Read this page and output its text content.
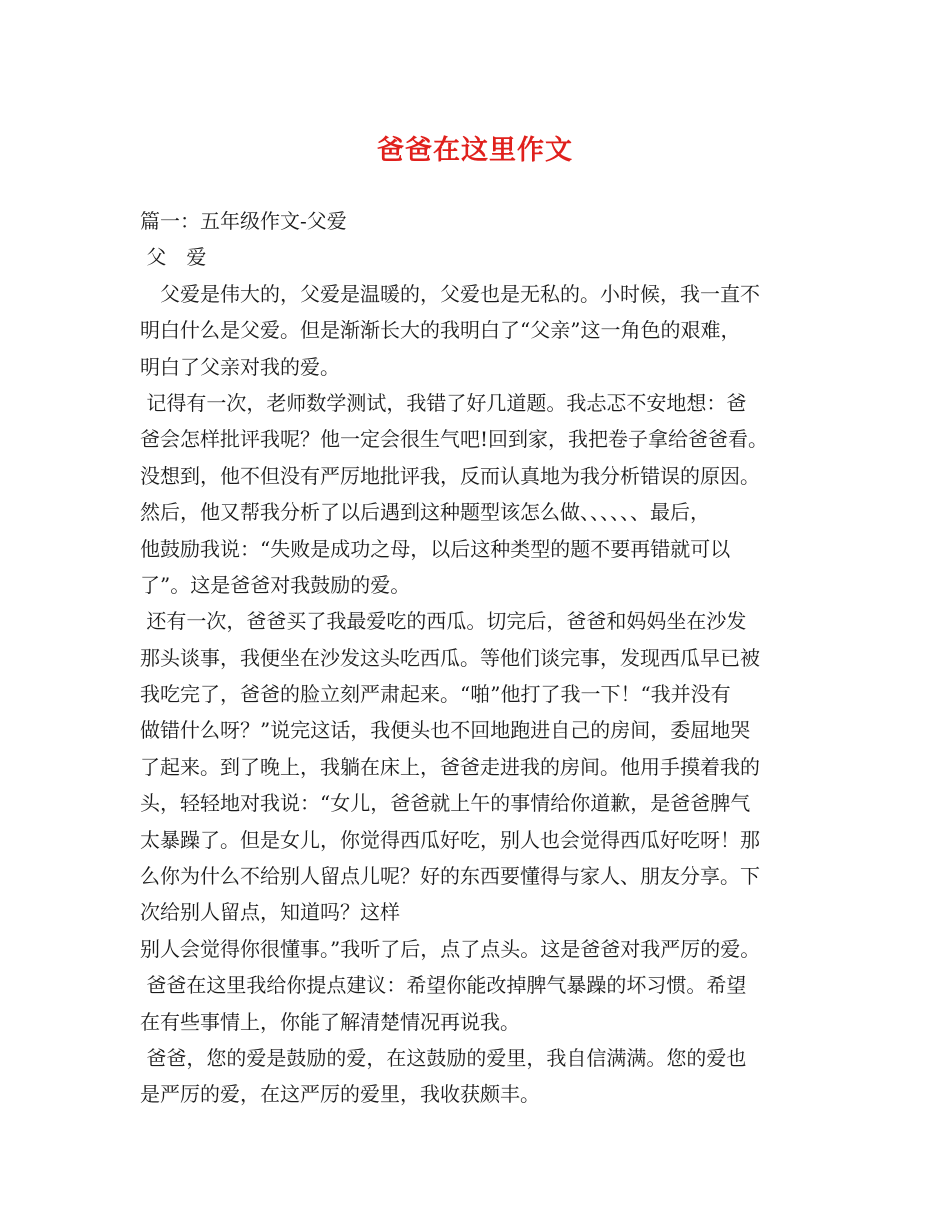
爸爸在这里作文
篇一：五年级作文-父爱
父　爱
　父爱是伟大的，父爱是温暖的，父爱也是无私的。小时候，我一直不
明白什么是父爱。但是渐渐长大的我明白了“父亲”这一角色的艰难，
明白了父亲对我的爱。
记得有一次，老师数学测试，我错了好几道题。我忐忑不安地想：爸
爸会怎样批评我呢？他一定会很生气吧!回到家，我把卷子拿给爸爸看。
没想到，他不但没有严厉地批评我，反而认真地为我分析错误的原因。
然后，他又帮我分析了以后遇到这种题型该怎么做、、、、、、最后，
他鼓励我说：“失败是成功之母，以后这种类型的题不要再错就可以
了”。这是爸爸对我鼓励的爱。
还有一次，爸爸买了我最爱吃的西瓜。切完后，爸爸和妈妈坐在沙发
那头谈事，我便坐在沙发这头吃西瓜。等他们谈完事，发现西瓜早已被
我吃完了，爸爸的脸立刻严肃起来。“啪”他打了我一下！“我并没有
做错什么呀？”说完这话，我便头也不回地跑进自己的房间，委屈地哭
了起来。到了晚上，我躺在床上，爸爸走进我的房间。他用手摸着我的
头，轻轻地对我说：“女儿，爸爸就上午的事情给你道歉，是爸爸脾气
太暴躁了。但是女儿，你觉得西瓜好吃，别人也会觉得西瓜好吃呀！那
么你为什么不给别人留点儿呢？好的东西要懂得与家人、朋友分享。下
次给别人留点，知道吗？这样
别人会觉得你很懂事。”我听了后，点了点头。这是爸爸对我严厉的爱。
爸爸在这里我给你提点建议：希望你能改掉脾气暴躁的坏习惯。希望
在有些事情上，你能了解清楚情况再说我。
爸爸，您的爱是鼓励的爱，在这鼓励的爱里，我自信满满。您的爱也
是严厉的爱，在这严厉的爱里，我收获颇丰。
